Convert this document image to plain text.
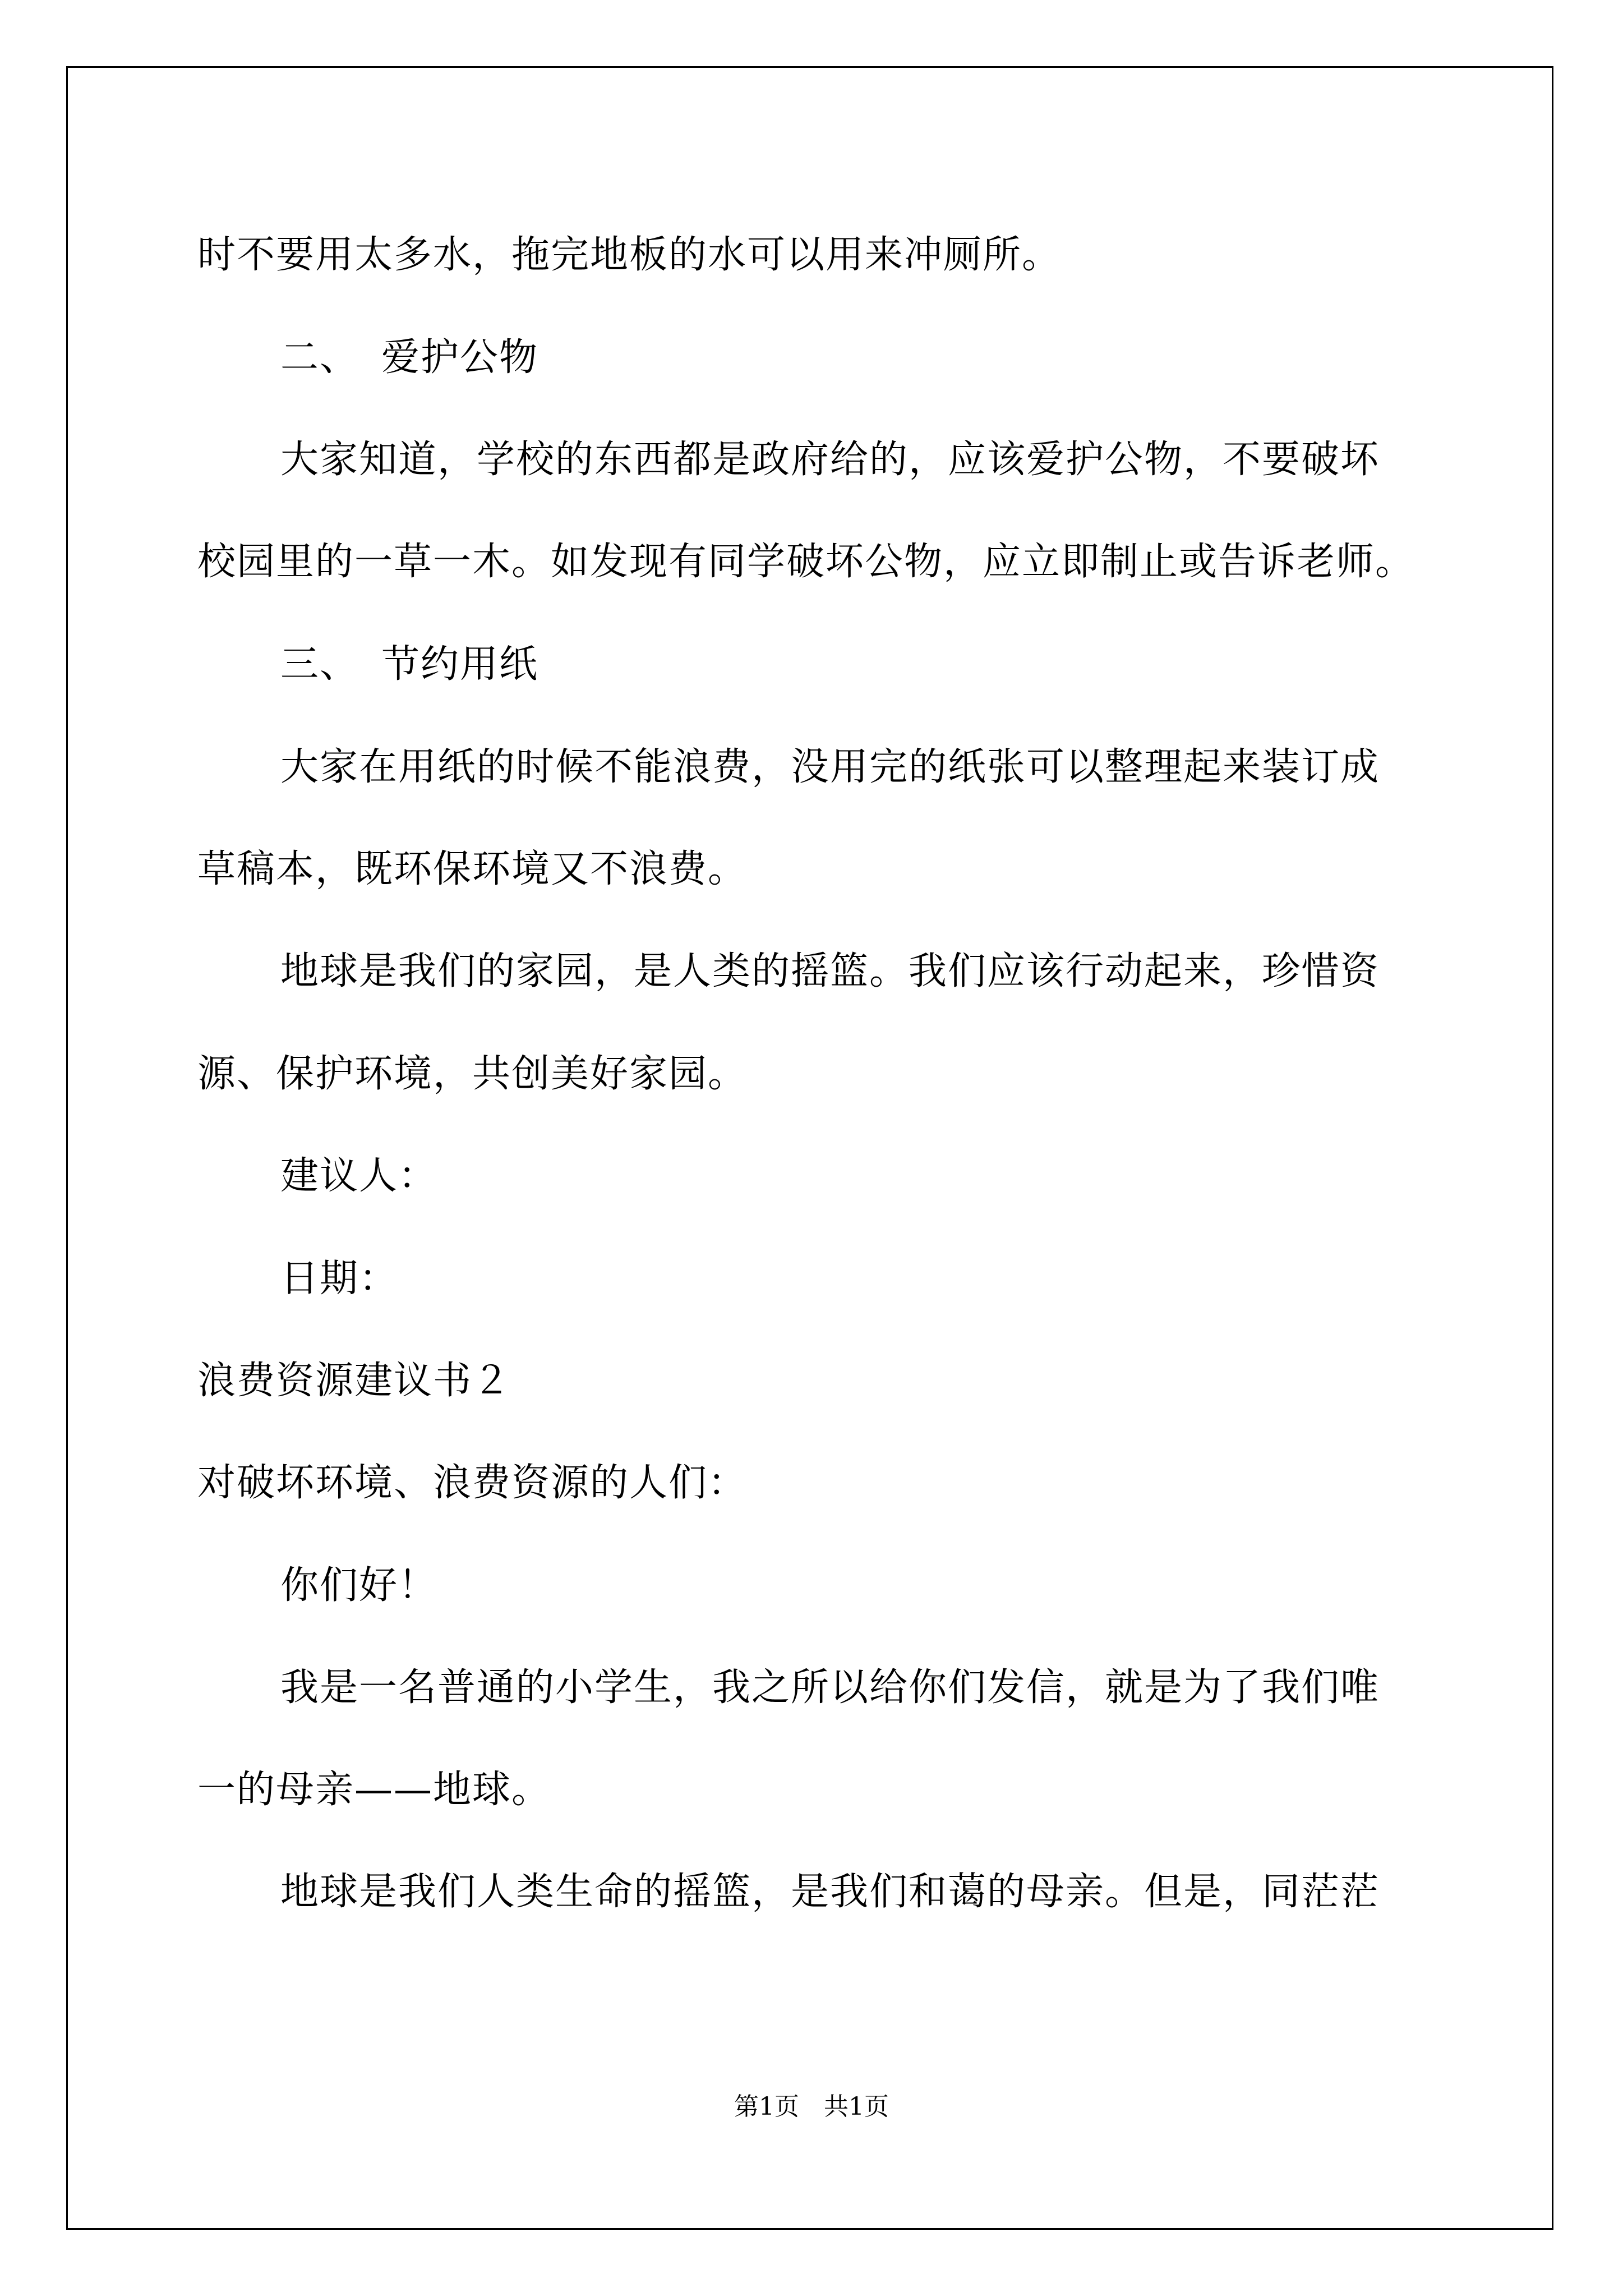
时不要用太多水，拖完地板的水可以用来冲厕所。
二、 爱护公物
大家知道，学校的东西都是政府给的，应该爱护公物，不要破坏
校园里的一草一木。如发现有同学破坏公物，应立即制止或告诉老师。
三、 节约用纸
大家在用纸的时候不能浪费，没用完的纸张可以整理起来装订成
草稿本，既环保环境又不浪费。
地球是我们的家园，是人类的摇篮。我们应该行动起来，珍惜资
源、保护环境，共创美好家园。
建议人：
日期：
浪费资源建议书２
对破坏环境、浪费资源的人们：
你们好！
我是一名普通的小学生，我之所以给你们发信，就是为了我们唯
一的母亲——地球。
地球是我们人类生命的摇篮，是我们和蔼的母亲。但是，同茫茫
第1页　共1页
